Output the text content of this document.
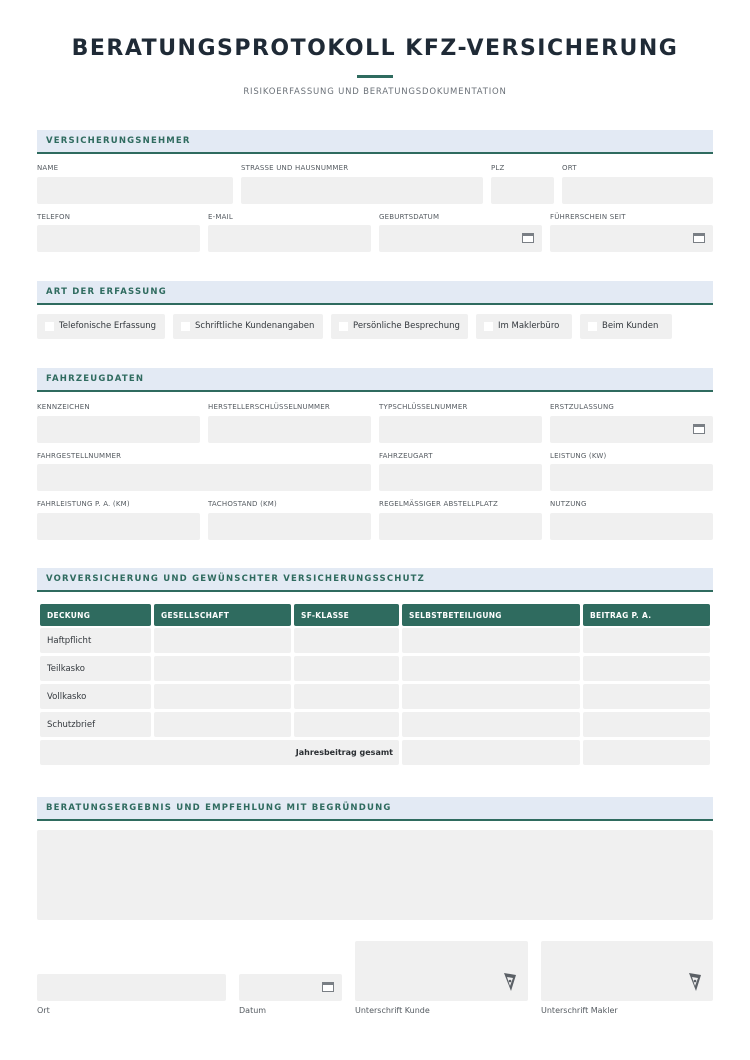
BERATUNGSPROTOKOLL KFZ-VERSICHERUNG
RISIKOERFASSUNG UND BERATUNGSDOKUMENTATION
VERSICHERUNGSNEHMER
NAME	STRASSE UND HAUSNUMMER	PLZ	ORT
TELEFON	E-MAIL	GEBURTSDATUM	FÜHRERSCHEIN SEIT
ART DER ERFASSUNG
Telefonische Erfassung	Schriftliche Kundenangaben	Persönliche Besprechung	Im Maklerbüro	Beim Kunden
FAHRZEUGDATEN
KENNZEICHEN	HERSTELLERSCHLÜSSELNUMMER	TYPSCHLÜSSELNUMMER	ERSTZULASSUNG
FAHRGESTELLNUMMER	FAHRZEUGART	LEISTUNG (KW)
FAHRLEISTUNG P. A. (KM)	TACHOSTAND (KM)	REGELMÄSSIGER ABSTELLPLATZ	NUTZUNG
VORVERSICHERUNG UND GEWÜNSCHTER VERSICHERUNGSSCHUTZ
DECKUNG	GESELLSCHAFT	SF-KLASSE	SELBSTBETEILIGUNG	BEITRAG P. A.
Haftpflicht
Teilkasko
Vollkasko
Schutzbrief
Jahresbeitrag gesamt
BERATUNGSERGEBNIS UND EMPFEHLUNG MIT BEGRÜNDUNG
Ort	Datum	Unterschrift Kunde	Unterschrift Makler
